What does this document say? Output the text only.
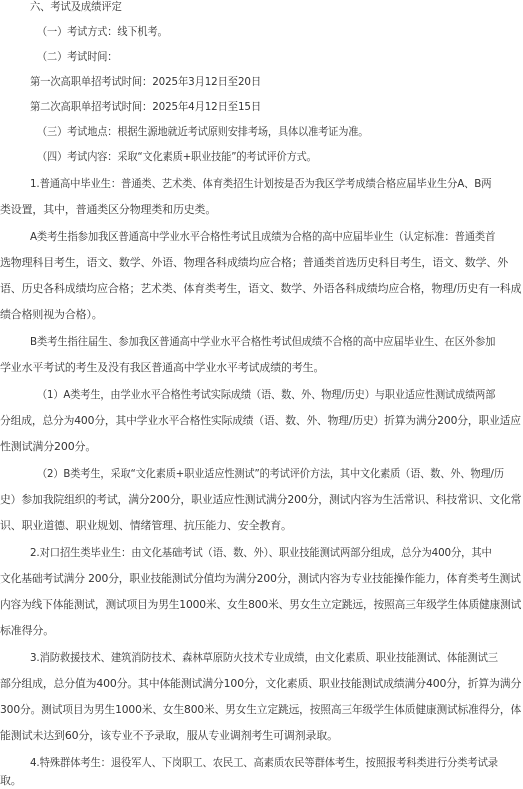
六、考试及成绩评定
（一）考试方式：线下机考。
（二）考试时间：
第一次高职单招考试时间：2025年3月12日至20日
第二次高职单招考试时间：2025年4月12日至15日
（三）考试地点：根据生源地就近考试原则安排考场，具体以准考证为准。
（四）考试内容：采取“文化素质+职业技能”的考试评价方式。
1.普通高中毕业生：普通类、艺术类、体育类招生计划按是否为我区学考成绩合格应届毕业生分A、B两
类设置，其中，普通类区分物理类和历史类。
A类考生指参加我区普通高中学业水平合格性考试且成绩为合格的高中应届毕业生（认定标准：普通类首
选物理科目考生，语文、数学、外语、物理各科成绩均应合格；普通类首选历史科目考生，语文、数学、外
语、历史各科成绩均应合格；艺术类、体育类考生，语文、数学、外语各科成绩均应合格，物理/历史有一科成
绩合格则视为合格）。
B类考生指往届生、参加我区普通高中学业水平合格性考试但成绩不合格的高中应届毕业生、在区外参加
学业水平考试的考生及没有我区普通高中学业水平考试成绩的考生。
（1）A类考生，由学业水平合格性考试实际成绩（语、数、外、物理/历史）与职业适应性测试成绩两部
分组成，总分为400分，其中学业水平合格性实际成绩（语、数、外、物理/历史）折算为满分200分，职业适应
性测试满分200分。
（2）B类考生，采取“文化素质+职业适应性测试”的考试评价方法，其中文化素质（语、数、外、物理/历
史）参加我院组织的考试，满分200分，职业适应性测试满分200分，测试内容为生活常识、科技常识、文化常
识、职业道德、职业规划、情绪管理、抗压能力、安全教育。
2.对口招生类毕业生：由文化基础考试（语、数、外）、职业技能测试两部分组成，总分为400分，其中
文化基础考试满分 200分，职业技能测试分值均为满分200分，测试内容为专业技能操作能力，体育类考生测试
内容为线下体能测试，测试项目为男生1000米、女生800米、男女生立定跳远，按照高三年级学生体质健康测试
标准得分。
3.消防救援技术、建筑消防技术、森林草原防火技术专业成绩，由文化素质、职业技能测试、体能测试三
部分组成，总分值为400分。其中体能测试满分100分，文化素质、职业技能测试成绩满分400分，折算为满分
300分。测试项目为男生1000米、女生800米、男女生立定跳远，按照高三年级学生体质健康测试标准得分，体
能测试未达到60分，该专业不予录取，服从专业调剂考生可调剂录取。
4.特殊群体考生：退役军人、下岗职工、农民工、高素质农民等群体考生，按照报考科类进行分类考试录
取。
